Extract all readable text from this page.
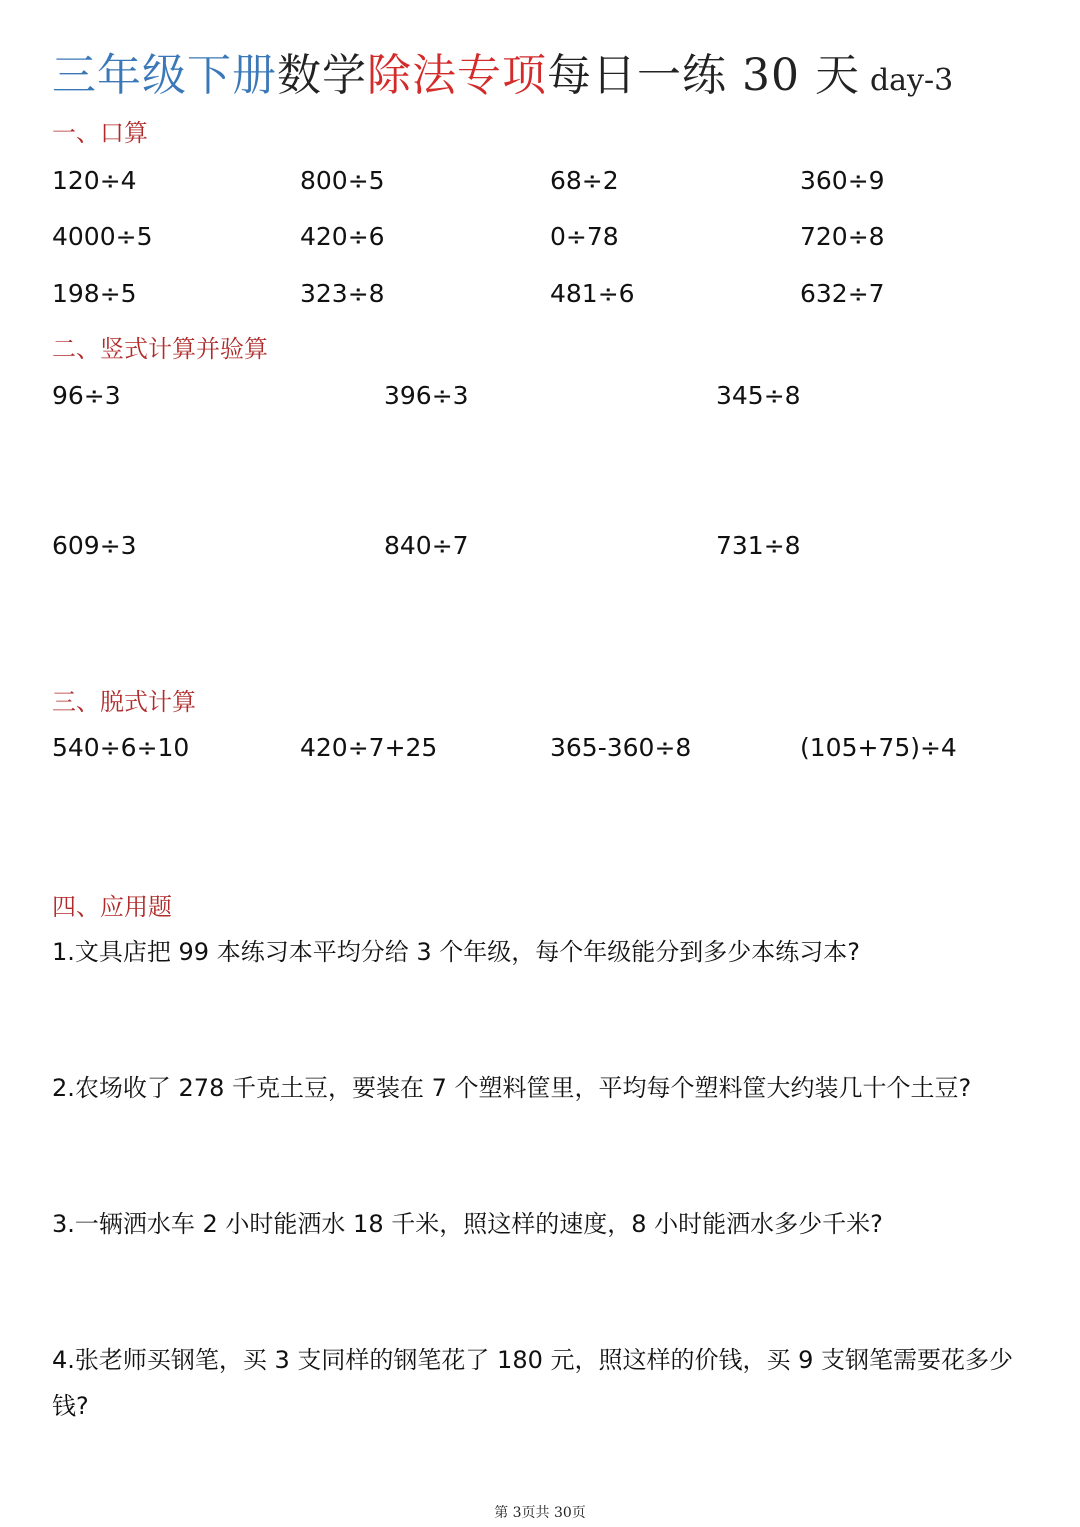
三年级下册数学除法专项每日一练 30 天 day-3
一、口算
120÷4	800÷5	68÷2	360÷9
4000÷5	420÷6	0÷78	720÷8
198÷5	323÷8	481÷6	632÷7
二、竖式计算并验算
96÷3	396÷3	345÷8
609÷3	840÷7	731÷8
三、脱式计算
540÷6÷10	420÷7+25	365-360÷8	(105+75)÷4
四、应用题
1.文具店把 99 本练习本平均分给 3 个年级，每个年级能分到多少本练习本?
2.农场收了 278 千克土豆，要装在 7 个塑料筐里，平均每个塑料筐大约装几十个土豆?
3.一辆洒水车 2 小时能洒水 18 千米，照这样的速度，8 小时能洒水多少千米?
4.张老师买钢笔，买 3 支同样的钢笔花了 180 元，照这样的价钱，买 9 支钢笔需要花多少钱?
第 3页共 30页
